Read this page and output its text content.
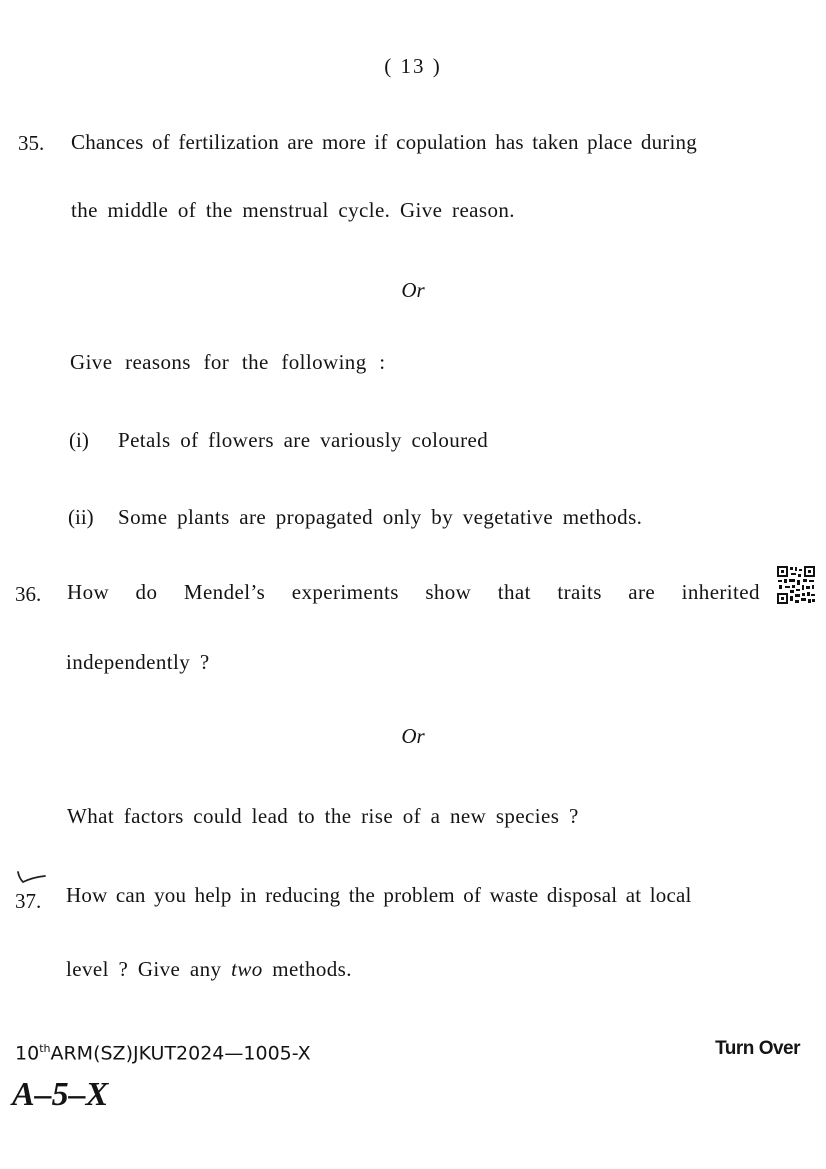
( 13 )
35. Chances of fertilization are more if copulation has taken place during
the middle of the menstrual cycle. Give reason.
Or
Give reasons for the following :
(i) Petals of flowers are variously coloured
(ii) Some plants are propagated only by vegetative methods.
36. How do Mendel’s experiments show that traits are inherited
independently ?
Or
What factors could lead to the rise of a new species ?
37. How can you help in reducing the problem of waste disposal at local
level ? Give any two methods.
10thARM(SZ)JKUT2024—1005-X	Turn Over
A–5–X
